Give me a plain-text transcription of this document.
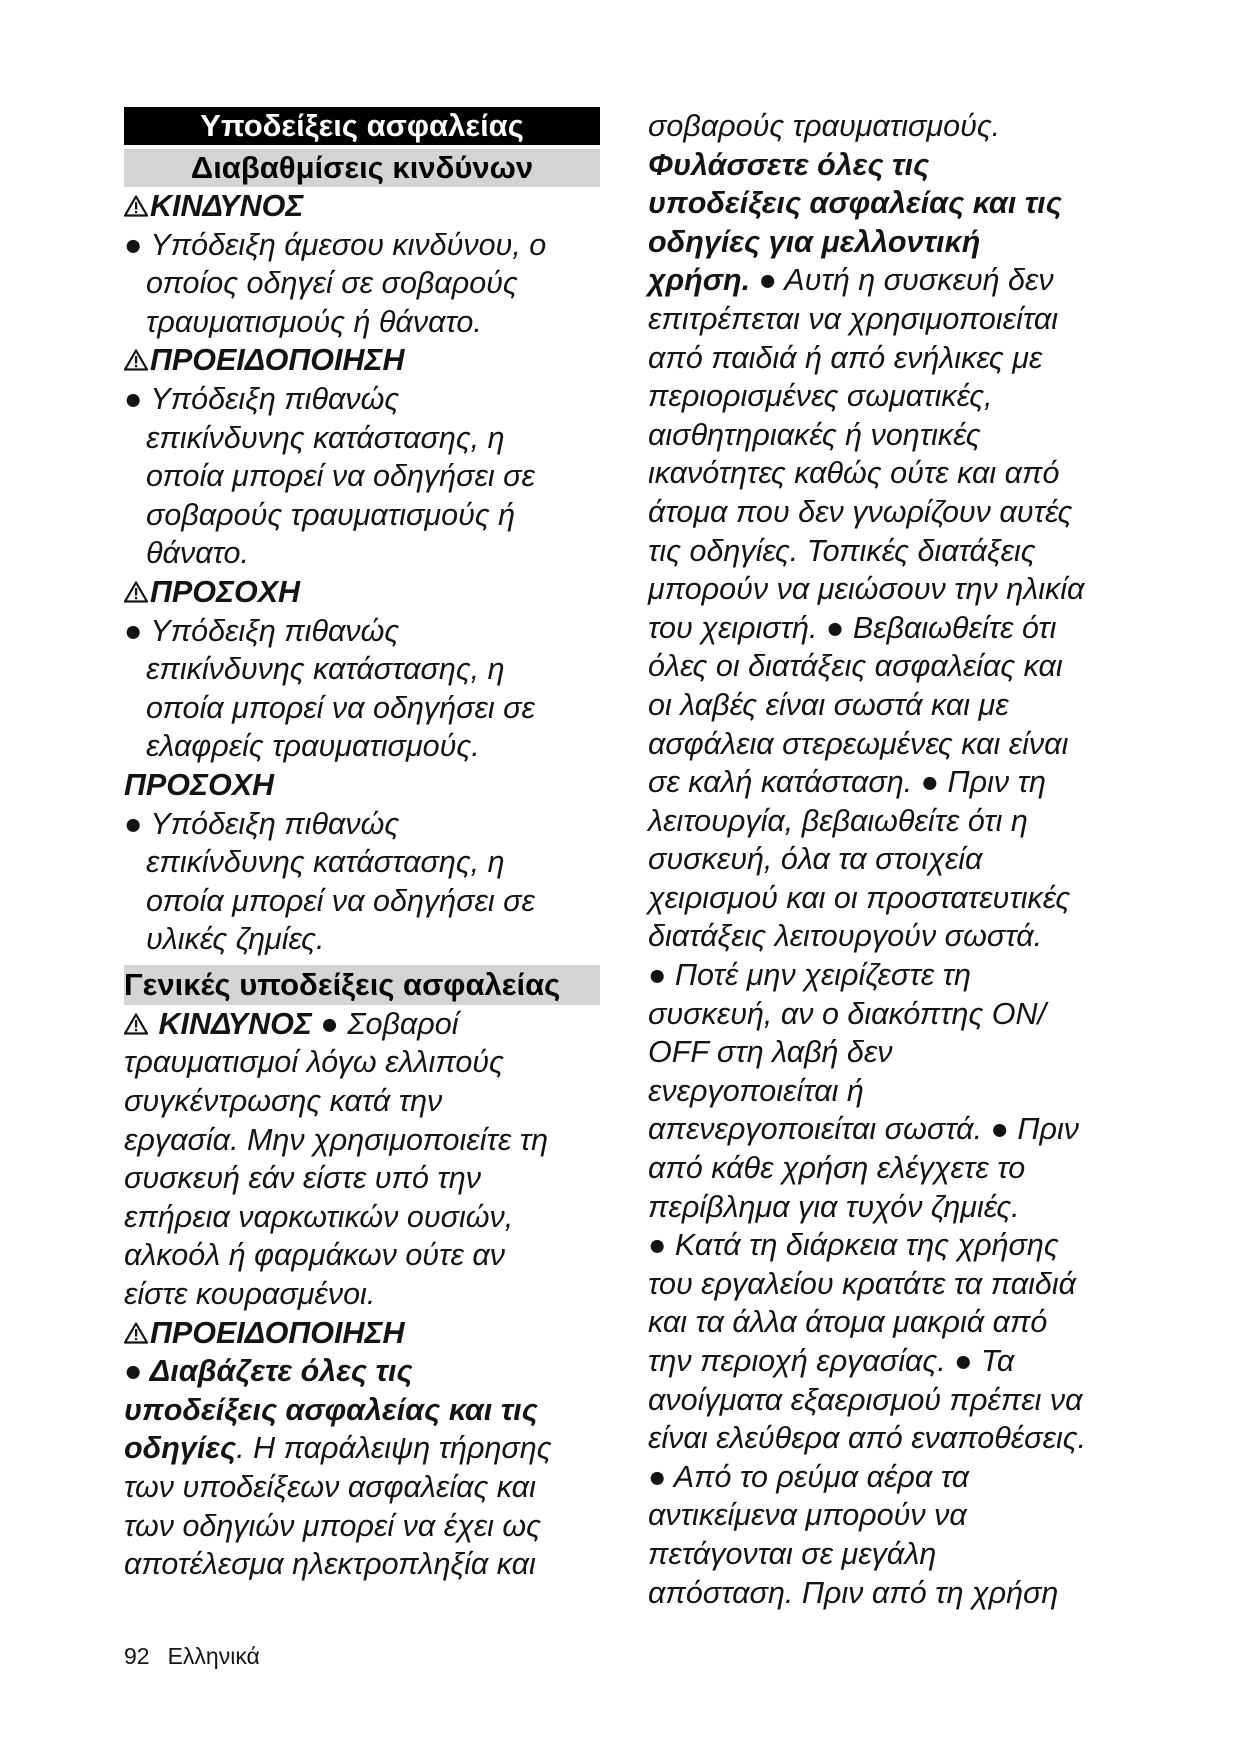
Υποδείξεις ασφαλείας
Διαβαθμίσεις κινδύνων

ΚΙΝΔΥΝΟΣ

● Υπόδειξη άμεσου κινδύνου, ο

οποίος οδηγεί σε σοβαρούς

τραυματισμούς ή θάνατο.

ΠΡΟΕΙΔΟΠΟΙΗΣΗ

● Υπόδειξη πιθανώς

επικίνδυνης κατάστασης, η

οποία μπορεί να οδηγήσει σε

σοβαρούς τραυματισμούς ή

θάνατο.

ΠΡΟΣΟΧΗ

● Υπόδειξη πιθανώς

επικίνδυνης κατάστασης, η

οποία μπορεί να οδηγήσει σε

ελαφρείς τραυματισμούς.

ΠΡΟΣΟΧΗ

● Υπόδειξη πιθανώς

επικίνδυνης κατάστασης, η

οποία μπορεί να οδηγήσει σε

υλικές ζημίες.

Γενικές υποδείξεις ασφαλείας

ΚΙΝΔΥΝΟΣ ● Σοβαροί

τραυματισμοί λόγω ελλιπούς

συγκέντρωσης κατά την

εργασία. Μην χρησιμοποιείτε τη

συσκευή εάν είστε υπό την

επήρεια ναρκωτικών ουσιών,

αλκοόλ ή φαρμάκων ούτε αν

είστε κουρασμένοι.

ΠΡΟΕΙΔΟΠΟΙΗΣΗ

● Διαβάζετε όλες τις

υποδείξεις ασφαλείας και τις

οδηγίες. Η παράλειψη τήρησης

των υποδείξεων ασφαλείας και

των οδηγιών μπορεί να έχει ως

αποτέλεσμα ηλεκτροπληξία και

σοβαρούς τραυματισμούς.

Φυλάσσετε όλες τις

υποδείξεις ασφαλείας και τις

οδηγίες για μελλοντική

χρήση. ● Αυτή η συσκευή δεν

επιτρέπεται να χρησιμοποιείται

από παιδιά ή από ενήλικες με

περιορισμένες σωματικές,

αισθητηριακές ή νοητικές

ικανότητες καθώς ούτε και από

άτομα που δεν γνωρίζουν αυτές

τις οδηγίες. Τοπικές διατάξεις

μπορούν να μειώσουν την ηλικία

του χειριστή. ● Βεβαιωθείτε ότι

όλες οι διατάξεις ασφαλείας και

οι λαβές είναι σωστά και με

ασφάλεια στερεωμένες και είναι

σε καλή κατάσταση. ● Πριν τη

λειτουργία, βεβαιωθείτε ότι η

συσκευή, όλα τα στοιχεία

χειρισμού και οι προστατευτικές

διατάξεις λειτουργούν σωστά.

● Ποτέ μην χειρίζεστε τη

συσκευή, αν ο διακόπτης ON/

OFF στη λαβή δεν

ενεργοποιείται ή

απενεργοποιείται σωστά. ● Πριν

από κάθε χρήση ελέγχετε το

περίβλημα για τυχόν ζημιές.

● Κατά τη διάρκεια της χρήσης

του εργαλείου κρατάτε τα παιδιά

και τα άλλα άτομα μακριά από

την περιοχή εργασίας. ● Τα

ανοίγματα εξαερισμού πρέπει να

είναι ελεύθερα από εναποθέσεις.

● Από το ρεύμα αέρα τα

αντικείμενα μπορούν να

πετάγονται σε μεγάλη

απόσταση. Πριν από τη χρήση

92 Ελληνικά
